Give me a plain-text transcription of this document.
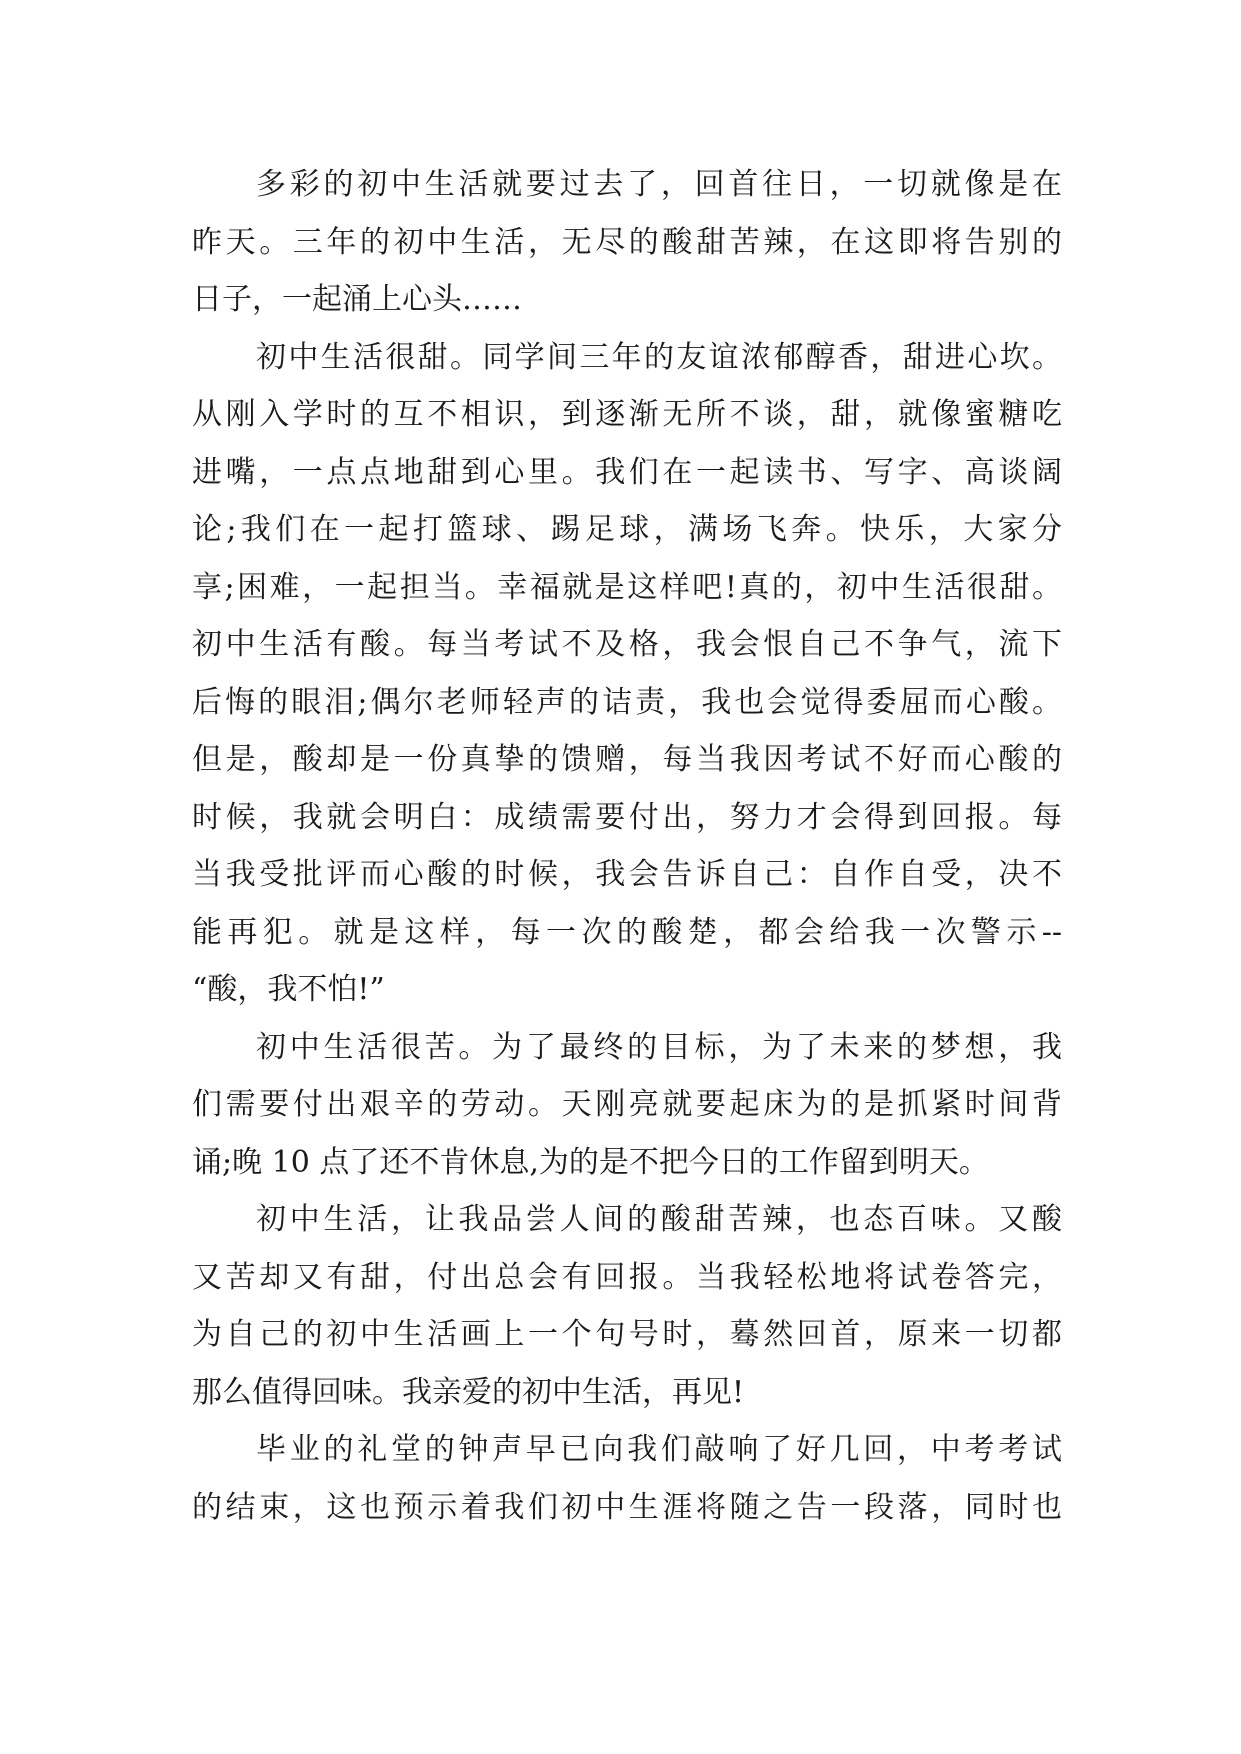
多彩的初中生活就要过去了，回首往日，一切就像是在
昨天。三年的初中生活，无尽的酸甜苦辣，在这即将告别的
日子，一起涌上心头……
初中生活很甜。同学间三年的友谊浓郁醇香，甜进心坎。
从刚入学时的互不相识，到逐渐无所不谈，甜，就像蜜糖吃
进嘴，一点点地甜到心里。我们在一起读书、写字、高谈阔
论;我们在一起打篮球、踢足球，满场飞奔。快乐，大家分
享;困难，一起担当。幸福就是这样吧!真的，初中生活很甜。
初中生活有酸。每当考试不及格，我会恨自己不争气，流下
后悔的眼泪;偶尔老师轻声的诘责，我也会觉得委屈而心酸。
但是，酸却是一份真挚的馈赠，每当我因考试不好而心酸的
时候，我就会明白：成绩需要付出，努力才会得到回报。每
当我受批评而心酸的时候，我会告诉自己：自作自受，决不
能再犯。就是这样，每一次的酸楚，都会给我一次警示--
“酸，我不怕!”
初中生活很苦。为了最终的目标，为了未来的梦想，我
们需要付出艰辛的劳动。天刚亮就要起床为的是抓紧时间背
诵;晚 10 点了还不肯休息,为的是不把今日的工作留到明天。
初中生活，让我品尝人间的酸甜苦辣，也态百味。又酸
又苦却又有甜，付出总会有回报。当我轻松地将试卷答完，
为自己的初中生活画上一个句号时，蓦然回首，原来一切都
那么值得回味。我亲爱的初中生活，再见!
毕业的礼堂的钟声早已向我们敲响了好几回，中考考试
的结束，这也预示着我们初中生涯将随之告一段落，同时也
